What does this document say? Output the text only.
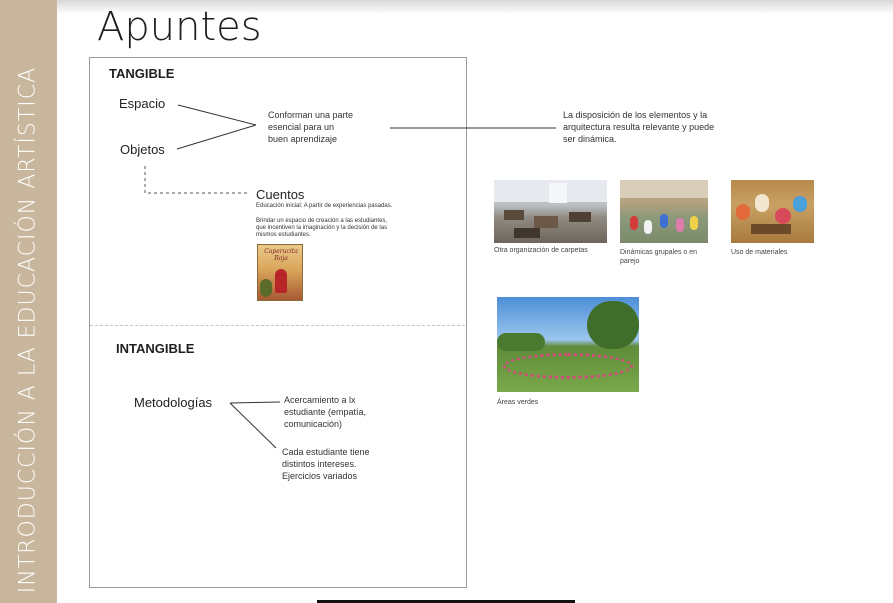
INTRODUCCIÓN A LA EDUCACIÓN ARTÍSTICA
Apuntes
TANGIBLE
Espacio
Objetos
Conforman una parte
esencial para un
buen aprendizaje
La disposición de los elementos y la
arquitectura resulta relevante y puede
ser dinámica.
Cuentos
Educación inicial: A partir de experiencias pasadas.
Brindar un espacio de creación a las estudiantes,
que incentiven la imaginación y la decisión de las
mismos estudiantes.
Caperucita
Roja
INTANGIBLE
Metodologías	Acercamiento a lx
estudiante (empatía,
comunicación)
Cada estudiante tiene
distintos intereses.
Ejercicios variados
Otra organización de carpetas	Dinámicas grupales o en
parejo
Uso de materiales
Áreas verdes
